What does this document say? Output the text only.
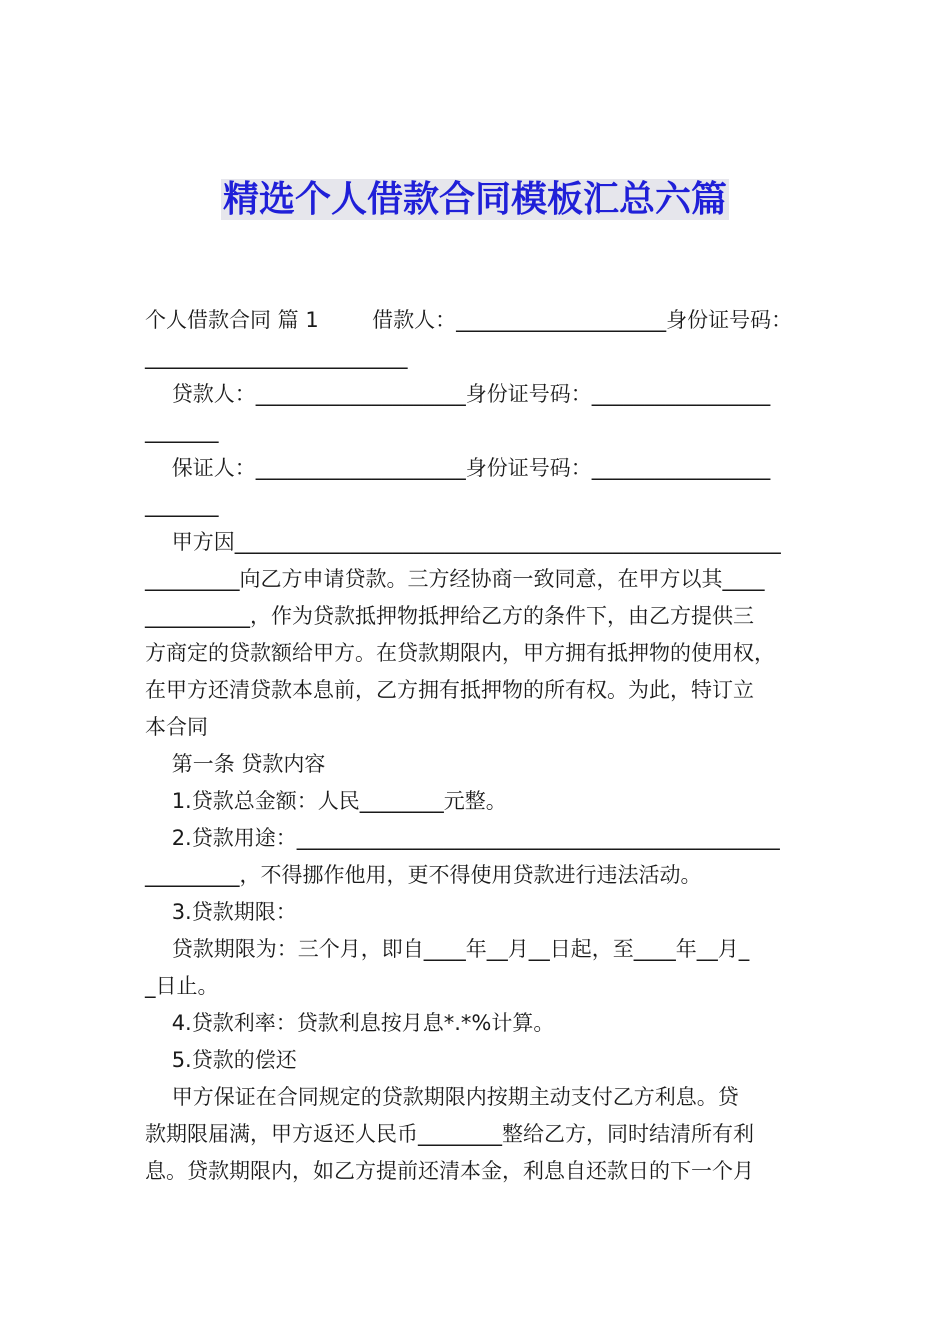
精选个人借款合同模板汇总六篇
个人借款合同 篇 1        借款人：____________________身份证号码：
_________________________
贷款人：____________________身份证号码：_________________
_______
保证人：____________________身份证号码：_________________
_______
甲方因____________________________________________________
_________向乙方申请贷款。三方经协商一致同意，在甲方以其____
__________，作为贷款抵押物抵押给乙方的条件下，由乙方提供三
方商定的贷款额给甲方。在贷款期限内，甲方拥有抵押物的使用权，
在甲方还清贷款本息前，乙方拥有抵押物的所有权。为此，特订立
本合同
第一条 贷款内容
1.贷款总金额：人民________元整。
2.贷款用途：______________________________________________
_________，不得挪作他用，更不得使用贷款进行违法活动。
3.贷款期限：
贷款期限为：三个月，即自____年__月__日起，至____年__月_
_日止。
4.贷款利率：贷款利息按月息*.*%计算。
5.贷款的偿还
甲方保证在合同规定的贷款期限内按期主动支付乙方利息。贷
款期限届满，甲方返还人民币________整给乙方，同时结清所有利
息。贷款期限内，如乙方提前还清本金，利息自还款日的下一个月
